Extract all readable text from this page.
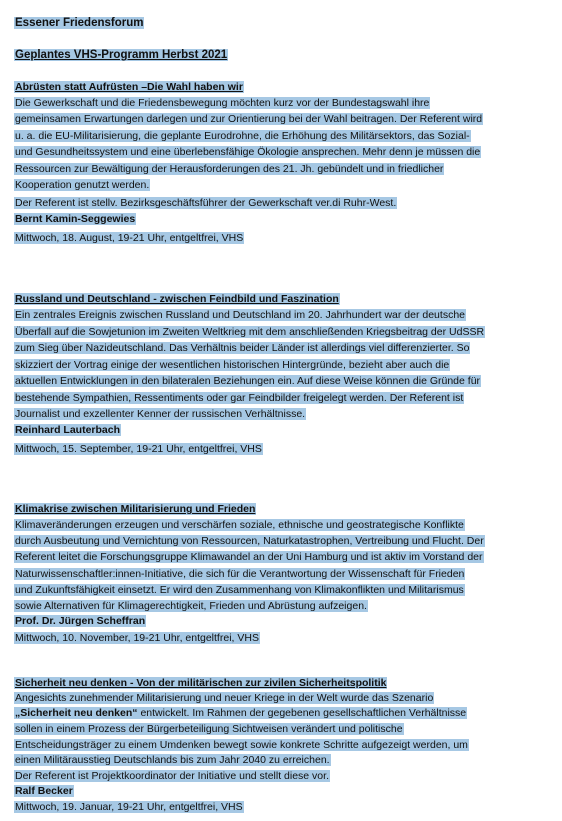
Essener Friedensforum
Geplantes VHS-Programm Herbst 2021
Abrüsten statt Aufrüsten –Die Wahl haben wir
Die Gewerkschaft und die Friedensbewegung möchten kurz vor der Bundestagswahl ihre
gemeinsamen Erwartungen darlegen und zur Orientierung bei der Wahl beitragen. Der Referent wird
u. a. die EU-Militarisierung, die geplante Eurodrohne, die Erhöhung des Militärsektors, das Sozial-
und Gesundheitssystem und eine überlebensfähige Ökologie ansprechen. Mehr denn je müssen die
Ressourcen zur Bewältigung der Herausforderungen des 21. Jh. gebündelt und in friedlicher
Kooperation genutzt werden.
Der Referent ist stellv. Bezirksgeschäftsführer der Gewerkschaft ver.di Ruhr-West.
Bernt Kamin-Seggewies
Mittwoch, 18. August, 19-21 Uhr, entgeltfrei, VHS
Russland und Deutschland - zwischen Feindbild und Faszination
Ein zentrales Ereignis zwischen Russland und Deutschland im 20. Jahrhundert war der deutsche
Überfall auf die Sowjetunion im Zweiten Weltkrieg mit dem anschließenden Kriegsbeitrag der UdSSR
zum Sieg über Nazideutschland. Das Verhältnis beider Länder ist allerdings viel differenzierter. So
skizziert der Vortrag einige der wesentlichen historischen Hintergründe, bezieht aber auch die
aktuellen Entwicklungen in den bilateralen Beziehungen ein. Auf diese Weise können die Gründe für
bestehende Sympathien, Ressentiments oder gar Feindbilder freigelegt werden. Der Referent ist
Journalist und exzellenter Kenner der russischen Verhältnisse.
Reinhard Lauterbach
Mittwoch, 15. September, 19-21 Uhr, entgeltfrei, VHS
Klimakrise zwischen Militarisierung und Frieden
Klimaveränderungen erzeugen und verschärfen soziale, ethnische und geostrategische Konflikte
durch Ausbeutung und Vernichtung von Ressourcen, Naturkatastrophen, Vertreibung und Flucht. Der
Referent leitet die Forschungsgruppe Klimawandel an der Uni Hamburg und ist aktiv im Vorstand der
Naturwissenschaftler:innen-Initiative, die sich für die Verantwortung der Wissenschaft für Frieden
und Zukunftsfähigkeit einsetzt. Er wird den Zusammenhang von Klimakonflikten und Militarismus
sowie Alternativen für Klimagerechtigkeit, Frieden und Abrüstung aufzeigen.
Prof. Dr. Jürgen Scheffran
Mittwoch, 10. November, 19-21 Uhr, entgeltfrei, VHS
Sicherheit neu denken - Von der militärischen zur zivilen Sicherheitspolitik
Angesichts zunehmender Militarisierung und neuer Kriege in der Welt wurde das Szenario
„Sicherheit neu denken“ entwickelt. Im Rahmen der gegebenen gesellschaftlichen Verhältnisse
sollen in einem Prozess der Bürgerbeteiligung Sichtweisen verändert und politische
Entscheidungsträger zu einem Umdenken bewegt sowie konkrete Schritte aufgezeigt werden, um
einen Militärausstieg Deutschlands bis zum Jahr 2040 zu erreichen.
Der Referent ist Projektkoordinator der Initiative und stellt diese vor.
Ralf Becker
Mittwoch, 19. Januar, 19-21 Uhr, entgeltfrei, VHS
